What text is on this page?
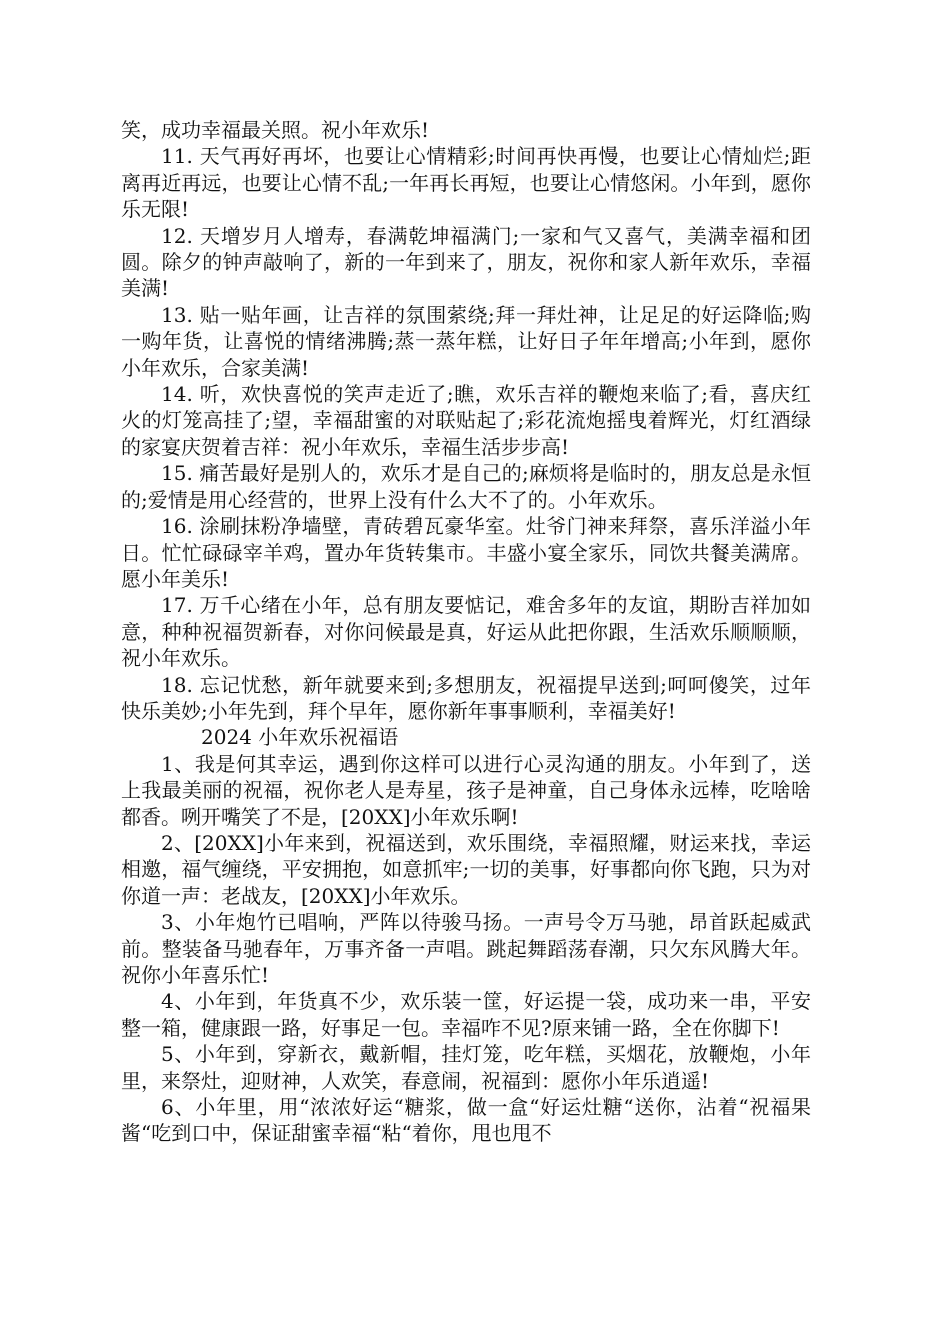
笑，成功幸福最关照。祝小年欢乐!

11. 天气再好再坏，也要让心情精彩;时间再快再慢，也要让心情灿烂;距离再近再远，也要让心情不乱;一年再长再短，也要让心情悠闲。小年到，愿你乐无限!

12. 天增岁月人增寿，春满乾坤福满门;一家和气又喜气，美满幸福和团圆。除夕的钟声敲响了，新的一年到来了，朋友，祝你和家人新年欢乐，幸福美满!

13. 贴一贴年画，让吉祥的氛围萦绕;拜一拜灶神，让足足的好运降临;购一购年货，让喜悦的情绪沸腾;蒸一蒸年糕，让好日子年年增高;小年到，愿你小年欢乐，合家美满!

14. 听，欢快喜悦的笑声走近了;瞧，欢乐吉祥的鞭炮来临了;看，喜庆红火的灯笼高挂了;望，幸福甜蜜的对联贴起了;彩花流炮摇曳着辉光，灯红酒绿的家宴庆贺着吉祥：祝小年欢乐，幸福生活步步高!

15. 痛苦最好是别人的，欢乐才是自己的;麻烦将是临时的，朋友总是永恒的;爱情是用心经营的，世界上没有什么大不了的。小年欢乐。

16. 涂刷抹粉净墙壁，青砖碧瓦豪华室。灶爷门神来拜祭，喜乐洋溢小年日。忙忙碌碌宰羊鸡，置办年货转集市。丰盛小宴全家乐，同饮共餐美满席。愿小年美乐!

17. 万千心绪在小年，总有朋友要惦记，难舍多年的友谊，期盼吉祥加如意，种种祝福贺新春，对你问候最是真，好运从此把你跟，生活欢乐顺顺顺，祝小年欢乐。

18. 忘记忧愁，新年就要来到;多想朋友，祝福提早送到;呵呵傻笑，过年快乐美妙;小年先到，拜个早年，愿你新年事事顺利，幸福美好!

2024 小年欢乐祝福语

1、我是何其幸运，遇到你这样可以进行心灵沟通的朋友。小年到了，送上我最美丽的祝福，祝你老人是寿星，孩子是神童，自己身体永远棒，吃啥啥都香。咧开嘴笑了不是，[20XX]小年欢乐啊!

2、[20XX]小年来到，祝福送到，欢乐围绕，幸福照耀，财运来找，幸运相邀，福气缠绕，平安拥抱，如意抓牢;一切的美事，好事都向你飞跑，只为对你道一声：老战友，[20XX]小年欢乐。

3、小年炮竹已唱响，严阵以待骏马扬。一声号令万马驰，昂首跃起威武前。整装备马驰春年，万事齐备一声唱。跳起舞蹈荡春潮，只欠东风腾大年。祝你小年喜乐忙!

4、小年到，年货真不少，欢乐装一筐，好运提一袋，成功来一串，平安整一箱，健康跟一路，好事足一包。幸福咋不见?原来铺一路，全在你脚下!

5、小年到，穿新衣，戴新帽，挂灯笼，吃年糕，买烟花，放鞭炮，小年里，来祭灶，迎财神，人欢笑，春意闹，祝福到：愿你小年乐逍遥!

6、小年里，用“浓浓好运“糖浆，做一盒“好运灶糖“送你，沾着“祝福果酱“吃到口中，保证甜蜜幸福“粘“着你，甩也甩不
